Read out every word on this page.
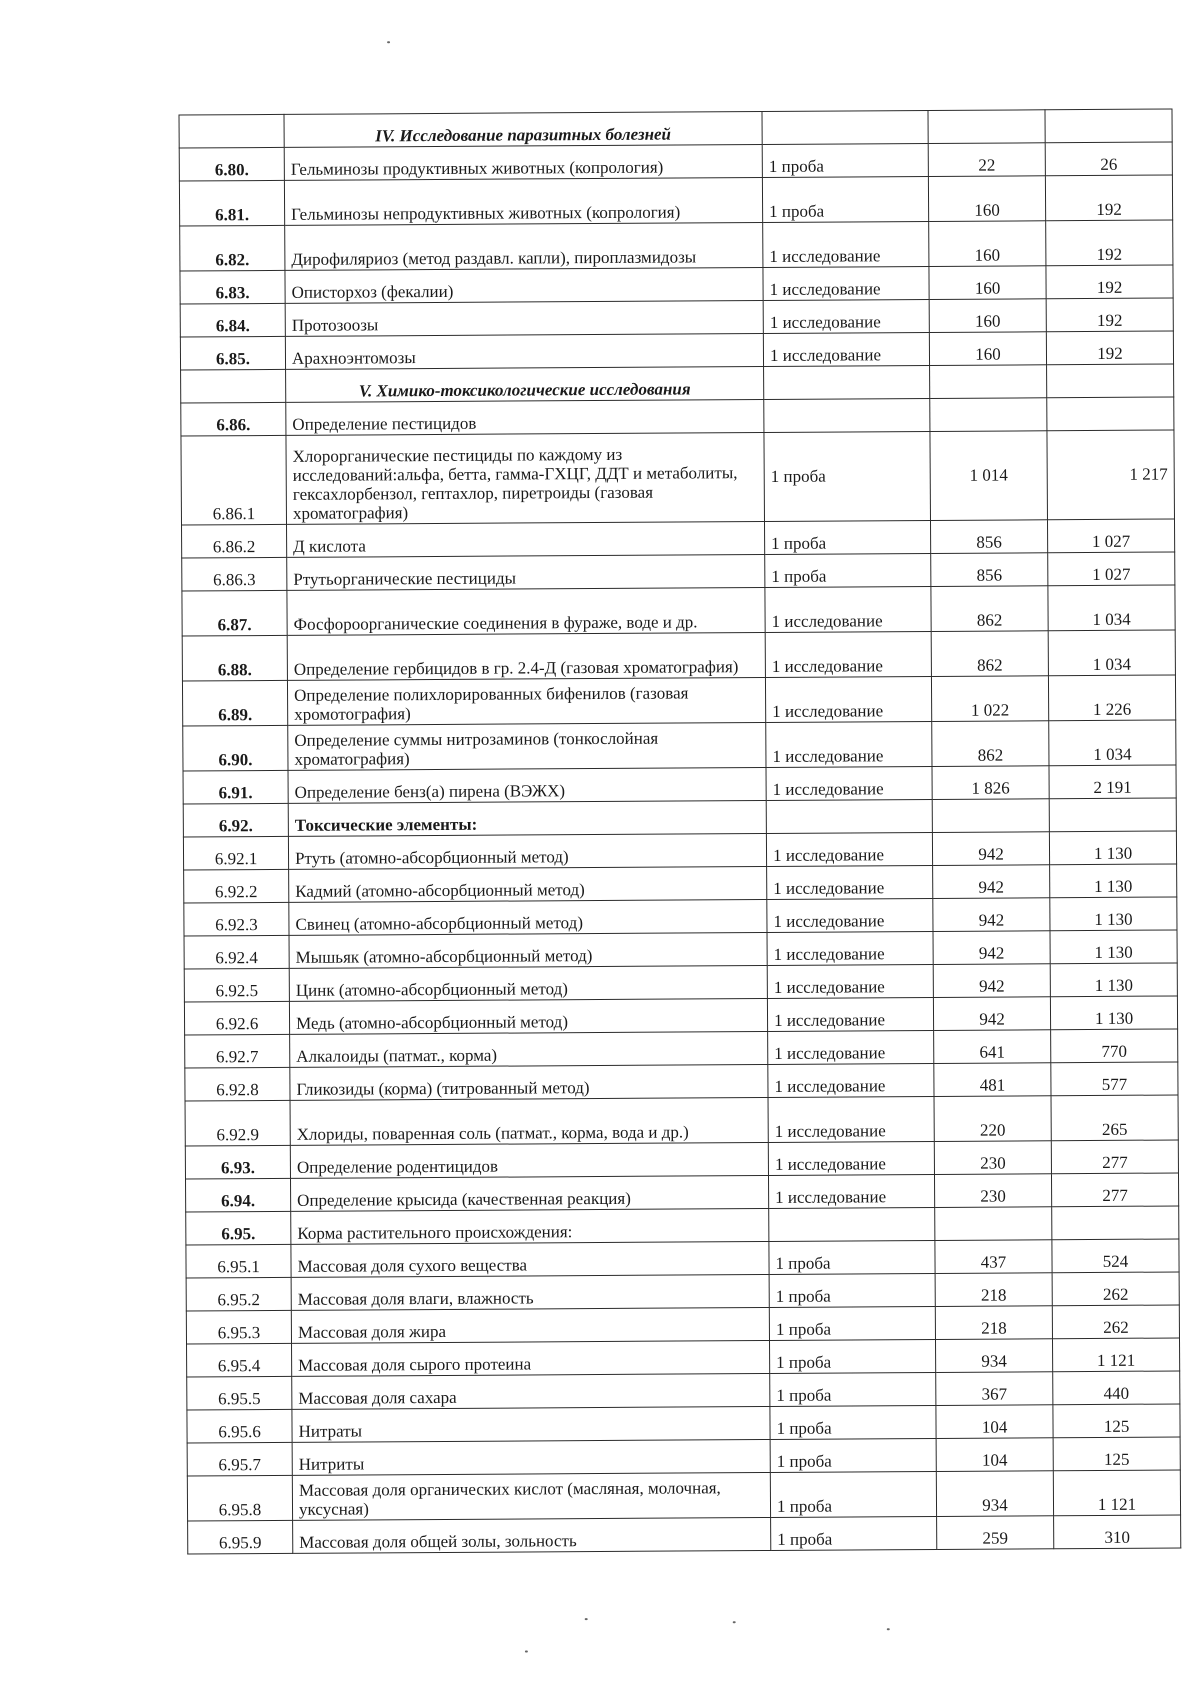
	IV. Исследование паразитных болезней			
6.80.	Гельминозы продуктивных животных (копрология)	1 проба	22	26
6.81.	Гельминозы непродуктивных животных (копрология)	1 проба	160	192
6.82.	Дирофиляриоз (метод раздавл. капли), пироплазмидозы	1 исследование	160	192
6.83.	Описторхоз (фекалии)	1 исследование	160	192
6.84.	Протозоозы	1 исследование	160	192
6.85.	Арахноэнтомозы	1 исследование	160	192
	V. Химико-токсикологические исследования			
6.86.	Определение пестицидов			
6.86.1	Хлорорганические пестициды по каждому из исследований:альфа, бетта, гамма-ГХЦГ, ДДТ и метаболиты, гексахлорбензол, гептахлор, пиретроиды (газовая хроматография)	1 проба	1 014	1 217
6.86.2	Д кислота	1 проба	856	1 027
6.86.3	Ртутьорганические пестициды	1 проба	856	1 027
6.87.	Фосфороорганические соединения в фураже, воде и др.	1 исследование	862	1 034
6.88.	Определение гербицидов в гр. 2.4-Д (газовая хроматография)	1 исследование	862	1 034
6.89.	Определение полихлорированных бифенилов (газовая хромотография)	1 исследование	1 022	1 226
6.90.	Определение суммы нитрозаминов (тонкослойная хроматография)	1 исследование	862	1 034
6.91.	Определение бенз(а) пирена (ВЭЖХ)	1 исследование	1 826	2 191
6.92.	Токсические элементы:			
6.92.1	Ртуть (атомно-абсорбционный метод)	1 исследование	942	1 130
6.92.2	Кадмий (атомно-абсорбционный метод)	1 исследование	942	1 130
6.92.3	Свинец (атомно-абсорбционный метод)	1 исследование	942	1 130
6.92.4	Мышьяк (атомно-абсорбционный метод)	1 исследование	942	1 130
6.92.5	Цинк (атомно-абсорбционный метод)	1 исследование	942	1 130
6.92.6	Медь (атомно-абсорбционный метод)	1 исследование	942	1 130
6.92.7	Алкалоиды (патмат., корма)	1 исследование	641	770
6.92.8	Гликозиды (корма) (титрованный метод)	1 исследование	481	577
6.92.9	Хлориды, поваренная соль (патмат., корма, вода и др.)	1 исследование	220	265
6.93.	Определение родентицидов	1 исследование	230	277
6.94.	Определение крысида (качественная реакция)	1 исследование	230	277
6.95.	Корма растительного происхождения:			
6.95.1	Массовая доля сухого вещества	1 проба	437	524
6.95.2	Массовая доля влаги, влажность	1 проба	218	262
6.95.3	Массовая доля жира	1 проба	218	262
6.95.4	Массовая доля сырого протеина	1 проба	934	1 121
6.95.5	Массовая доля сахара	1 проба	367	440
6.95.6	Нитраты	1 проба	104	125
6.95.7	Нитриты	1 проба	104	125
6.95.8	Массовая доля органических кислот (масляная, молочная, уксусная)	1 проба	934	1 121
6.95.9	Массовая доля общей золы, зольность	1 проба	259	310
